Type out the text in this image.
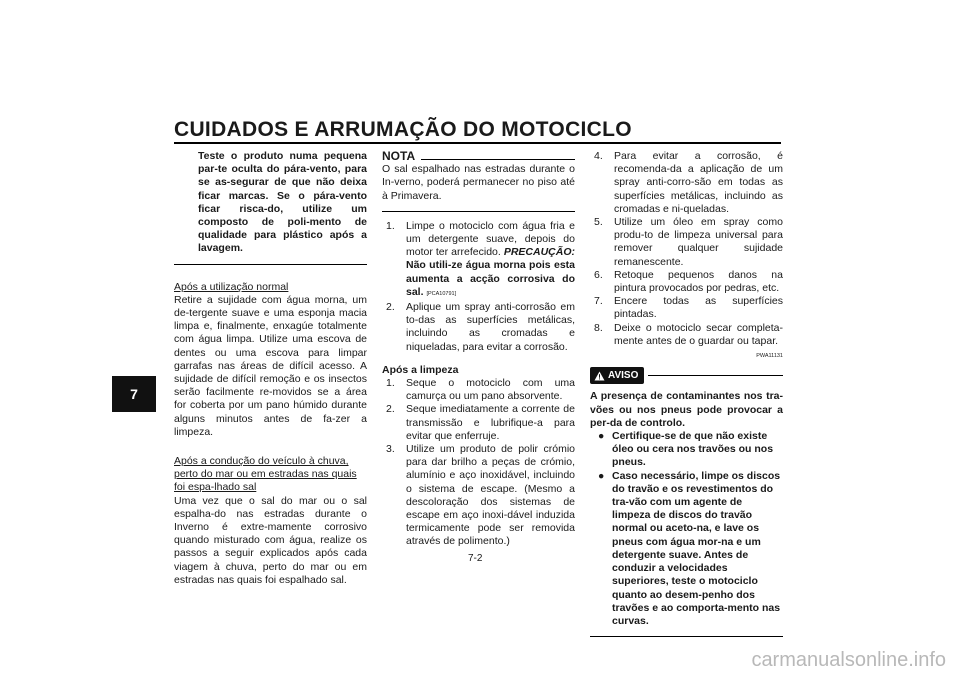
CUIDADOS E ARRUMAÇÃO DO MOTOCICLO
7
Teste o produto numa pequena par-te oculta do pára-vento, para se as-segurar de que não deixa ficar marcas. Se o pára-vento ficar risca-do, utilize um composto de poli-mento de qualidade para plástico após a lavagem.
Após a utilização normal
Retire a sujidade com água morna, um de-tergente suave e uma esponja macia limpa e, finalmente, enxagúe totalmente com água limpa. Utilize uma escova de dentes ou uma escova para limpar garrafas nas áreas de difícil acesso. A sujidade de difícil remoção e os insectos serão facilmente re-movidos se a área for coberta por um pano húmido durante alguns minutos antes de fa-zer a limpeza.
Após a condução do veículo à chuva, perto do mar ou em estradas nas quais foi espa-lhado sal
Uma vez que o sal do mar ou o sal espalha-do nas estradas durante o Inverno é extre-mamente corrosivo quando misturado com água, realize os passos a seguir explicados após cada viagem à chuva, perto do mar ou em estradas nas quais foi espalhado sal.
NOTA
O sal espalhado nas estradas durante o In-verno, poderá permanecer no piso até à Primavera.
1.	Limpe o motociclo com água fria e um detergente suave, depois do motor ter arrefecido. PRECAUÇÃO: Não utili-ze água morna pois esta aumenta a acção corrosiva do sal. [PCA10791]
2.	Aplique um spray anti-corrosão em to-das as superfícies metálicas, incluindo as cromadas e niqueladas, para evitar a corrosão.
Após a limpeza
1.	Seque o motociclo com uma camurça ou um pano absorvente.
2.	Seque imediatamente a corrente de transmissão e lubrifique-a para evitar que enferruje.
3.	Utilize um produto de polir crómio para dar brilho a peças de crómio, alumínio e aço inoxidável, incluindo o sistema de escape. (Mesmo a descoloração dos sistemas de escape em aço inoxi-dável induzida termicamente pode ser removida através de polimento.)
4.	Para evitar a corrosão, é recomenda-da a aplicação de um spray anti-corro-são em todas as superfícies metálicas, incluindo as cromadas e ni-queladas.
5.	Utilize um óleo em spray como produ-to de limpeza universal para remover qualquer sujidade remanescente.
6.	Retoque pequenos danos na pintura provocados por pedras, etc.
7.	Encere todas as superfícies pintadas.
8.	Deixe o motociclo secar completa-mente antes de o guardar ou tapar.
PWA11131
AVISO
A presença de contaminantes nos tra-vões ou nos pneus pode provocar a per-da de controlo.
● Certifique-se de que não existe óleo ou cera nos travões ou nos pneus.
● Caso necessário, limpe os discos do travão e os revestimentos do tra-vão com um agente de limpeza de discos do travão normal ou aceto-na, e lave os pneus com água mor-na e um detergente suave. Antes de conduzir a velocidades superiores, teste o motociclo quanto ao desem-penho dos travões e ao comporta-mento nas curvas.
7-2
carmanualsonline.info
